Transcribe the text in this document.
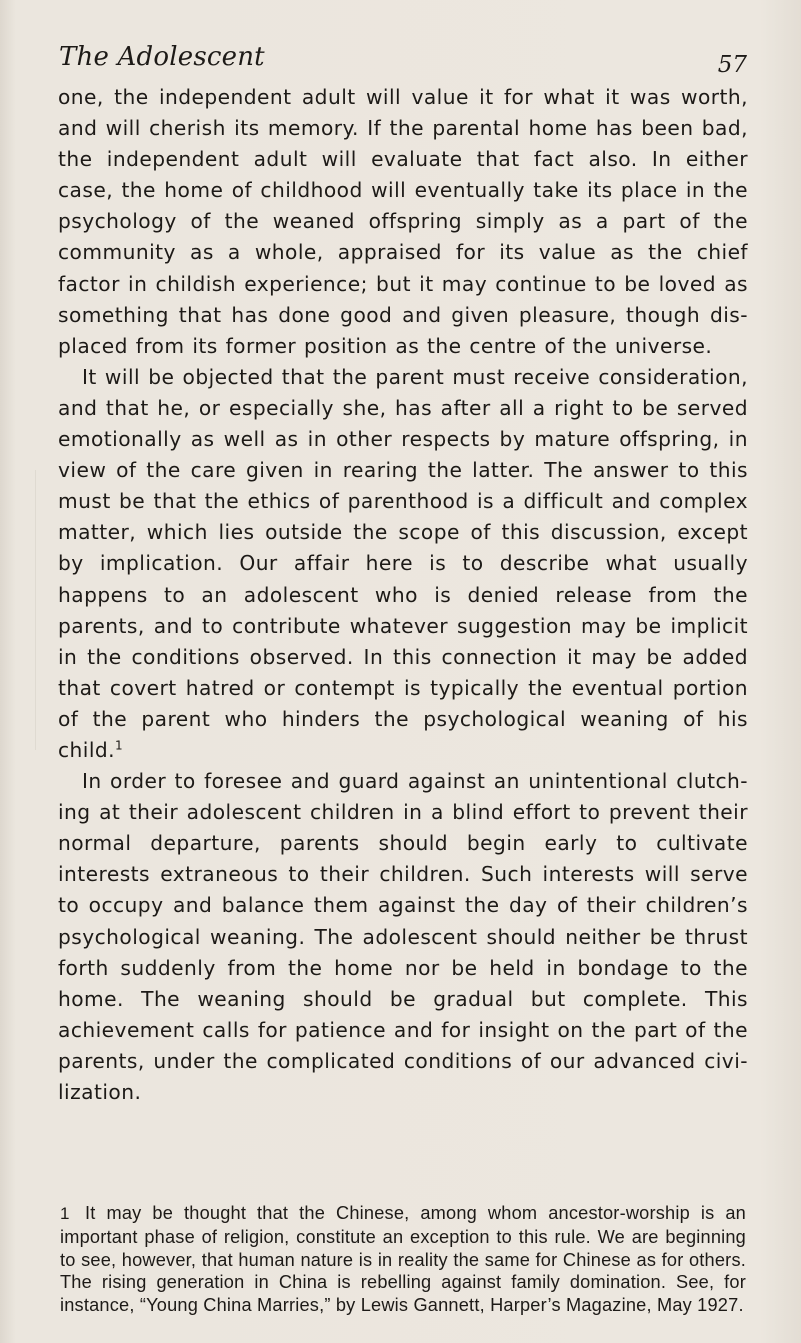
The Adolescent	57

one, the independent adult will value it for what it was worth, and will cherish its memory. If the parental home has been bad, the independent adult will evaluate that fact also. In either case, the home of childhood will eventually take its place in the psychology of the weaned offspring simply as a part of the community as a whole, appraised for its value as the chief factor in childish experience; but it may continue to be loved as something that has done good and given pleasure, though dis-placed from its former position as the centre of the universe.

It will be objected that the parent must receive consideration, and that he, or especially she, has after all a right to be served emotionally as well as in other respects by mature offspring, in view of the care given in rearing the latter. The answer to this must be that the ethics of parenthood is a difficult and complex matter, which lies outside the scope of this discussion, except by implication. Our affair here is to describe what usually happens to an adolescent who is denied release from the parents, and to contribute whatever suggestion may be implicit in the conditions observed. In this connection it may be added that covert hatred or contempt is typically the eventual portion of the parent who hinders the psychological weaning of his child.$^1$

In order to foresee and guard against an unintentional clutch-ing at their adolescent children in a blind effort to prevent their normal departure, parents should begin early to cultivate interests extraneous to their children. Such interests will serve to occupy and balance them against the day of their children’s psychological weaning. The adolescent should neither be thrust forth suddenly from the home nor be held in bondage to the home. The weaning should be gradual but complete. This achievement calls for patience and for insight on the part of the parents, under the complicated conditions of our advanced civi-lization.

1 It may be thought that the Chinese, among whom ancestor-worship is an important phase of religion, constitute an exception to this rule. We are beginning to see, however, that human nature is in reality the same for Chinese as for others. The rising generation in China is rebelling against family domination. See, for instance, “Young China Marries,” by Lewis Gannett, Harper’s Magazine, May 1927.
